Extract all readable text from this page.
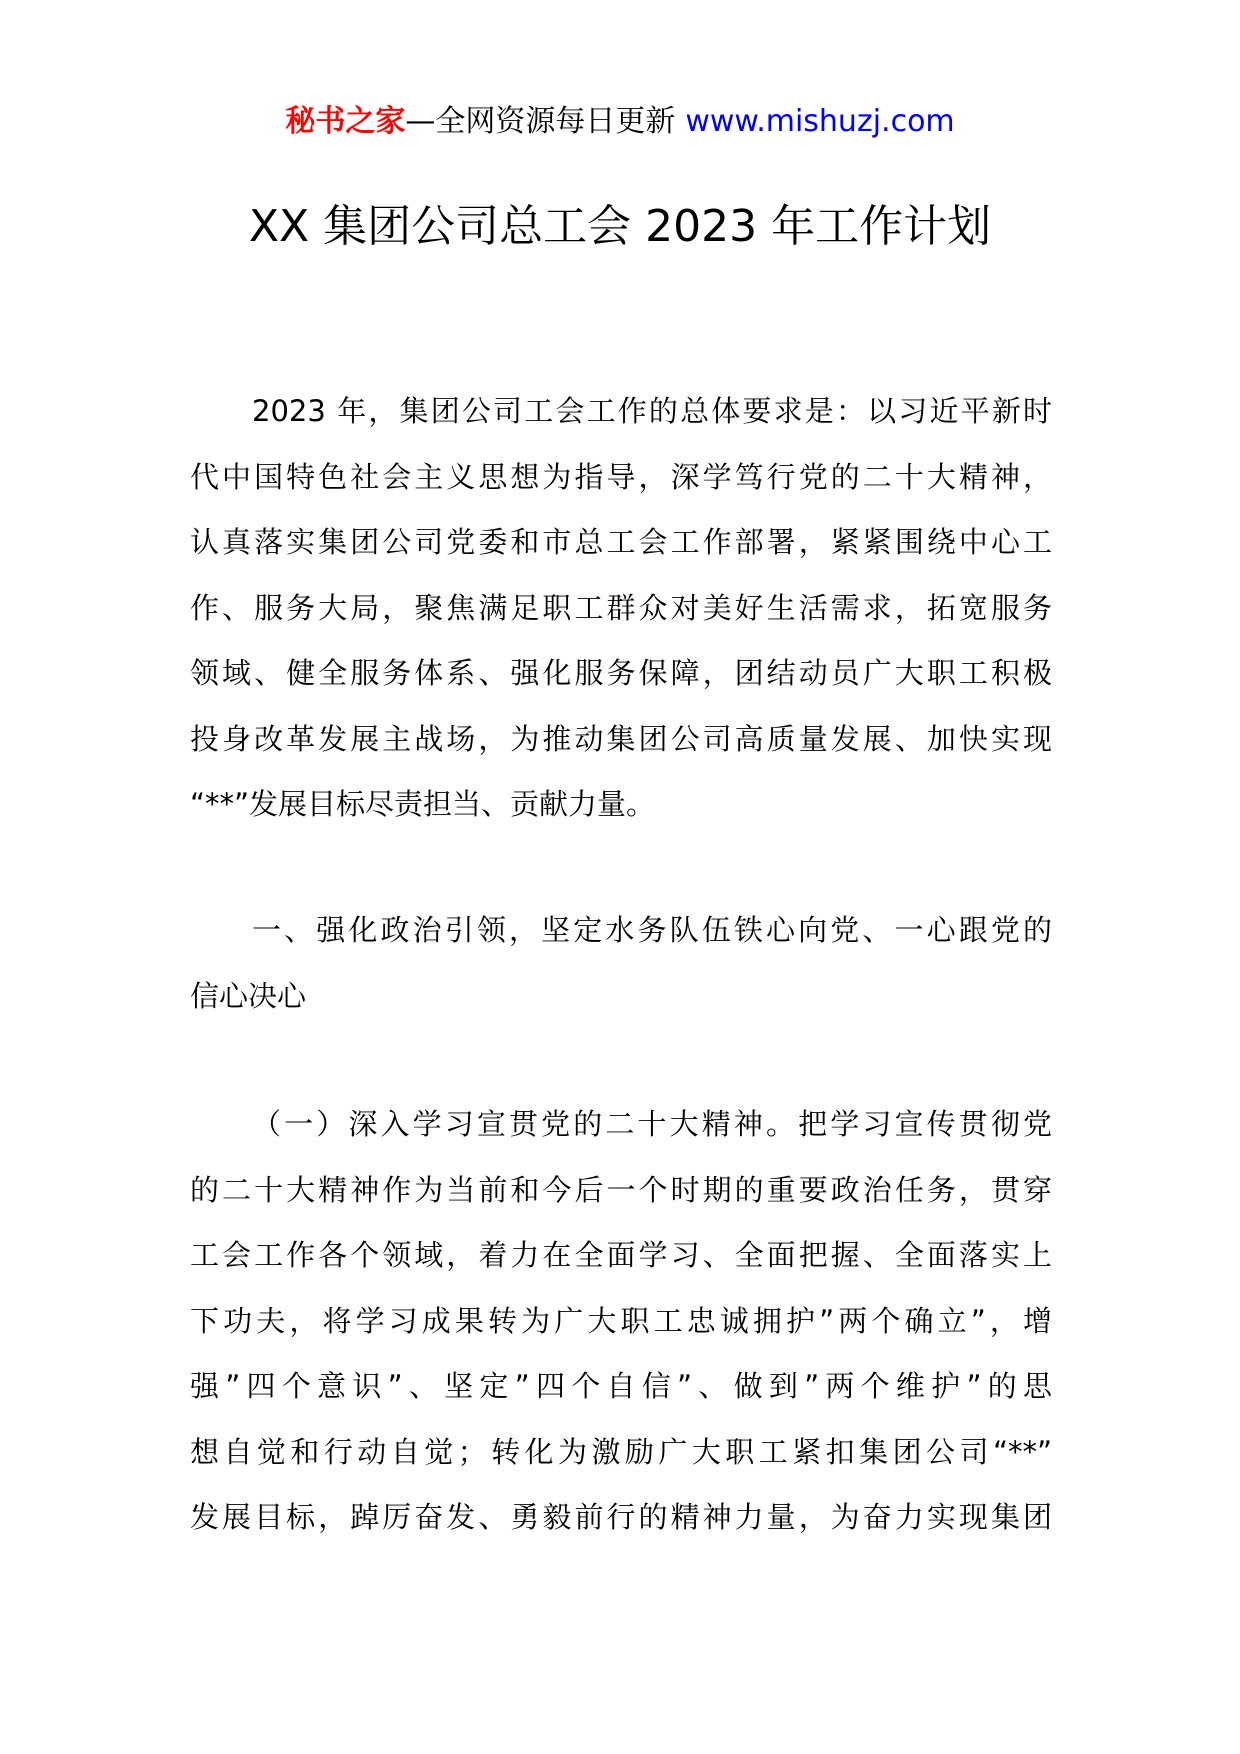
秘书之家—全网资源每日更新 www.mishuzj.com
XX 集团公司总工会 2023 年工作计划

2023 年，集团公司工会工作的总体要求是：以习近平新时
代中国特色社会主义思想为指导，深学笃行党的二十大精神，
认真落实集团公司党委和市总工会工作部署，紧紧围绕中心工
作、服务大局，聚焦满足职工群众对美好生活需求，拓宽服务
领域、健全服务体系、强化服务保障，团结动员广大职工积极
投身改革发展主战场，为推动集团公司高质量发展、加快实现
“**”发展目标尽责担当、贡献力量。

一、强化政治引领，坚定水务队伍铁心向党、一心跟党的
信心决心

（一）深入学习宣贯党的二十大精神。把学习宣传贯彻党
的二十大精神作为当前和今后一个时期的重要政治任务，贯穿
工会工作各个领域，着力在全面学习、全面把握、全面落实上
下功夫，将学习成果转为广大职工忠诚拥护”两个确立”，增
强”四个意识”、坚定”四个自信”、做到”两个维护”的思
想自觉和行动自觉；转化为激励广大职工紧扣集团公司“**”
发展目标，踔厉奋发、勇毅前行的精神力量，为奋力实现集团
